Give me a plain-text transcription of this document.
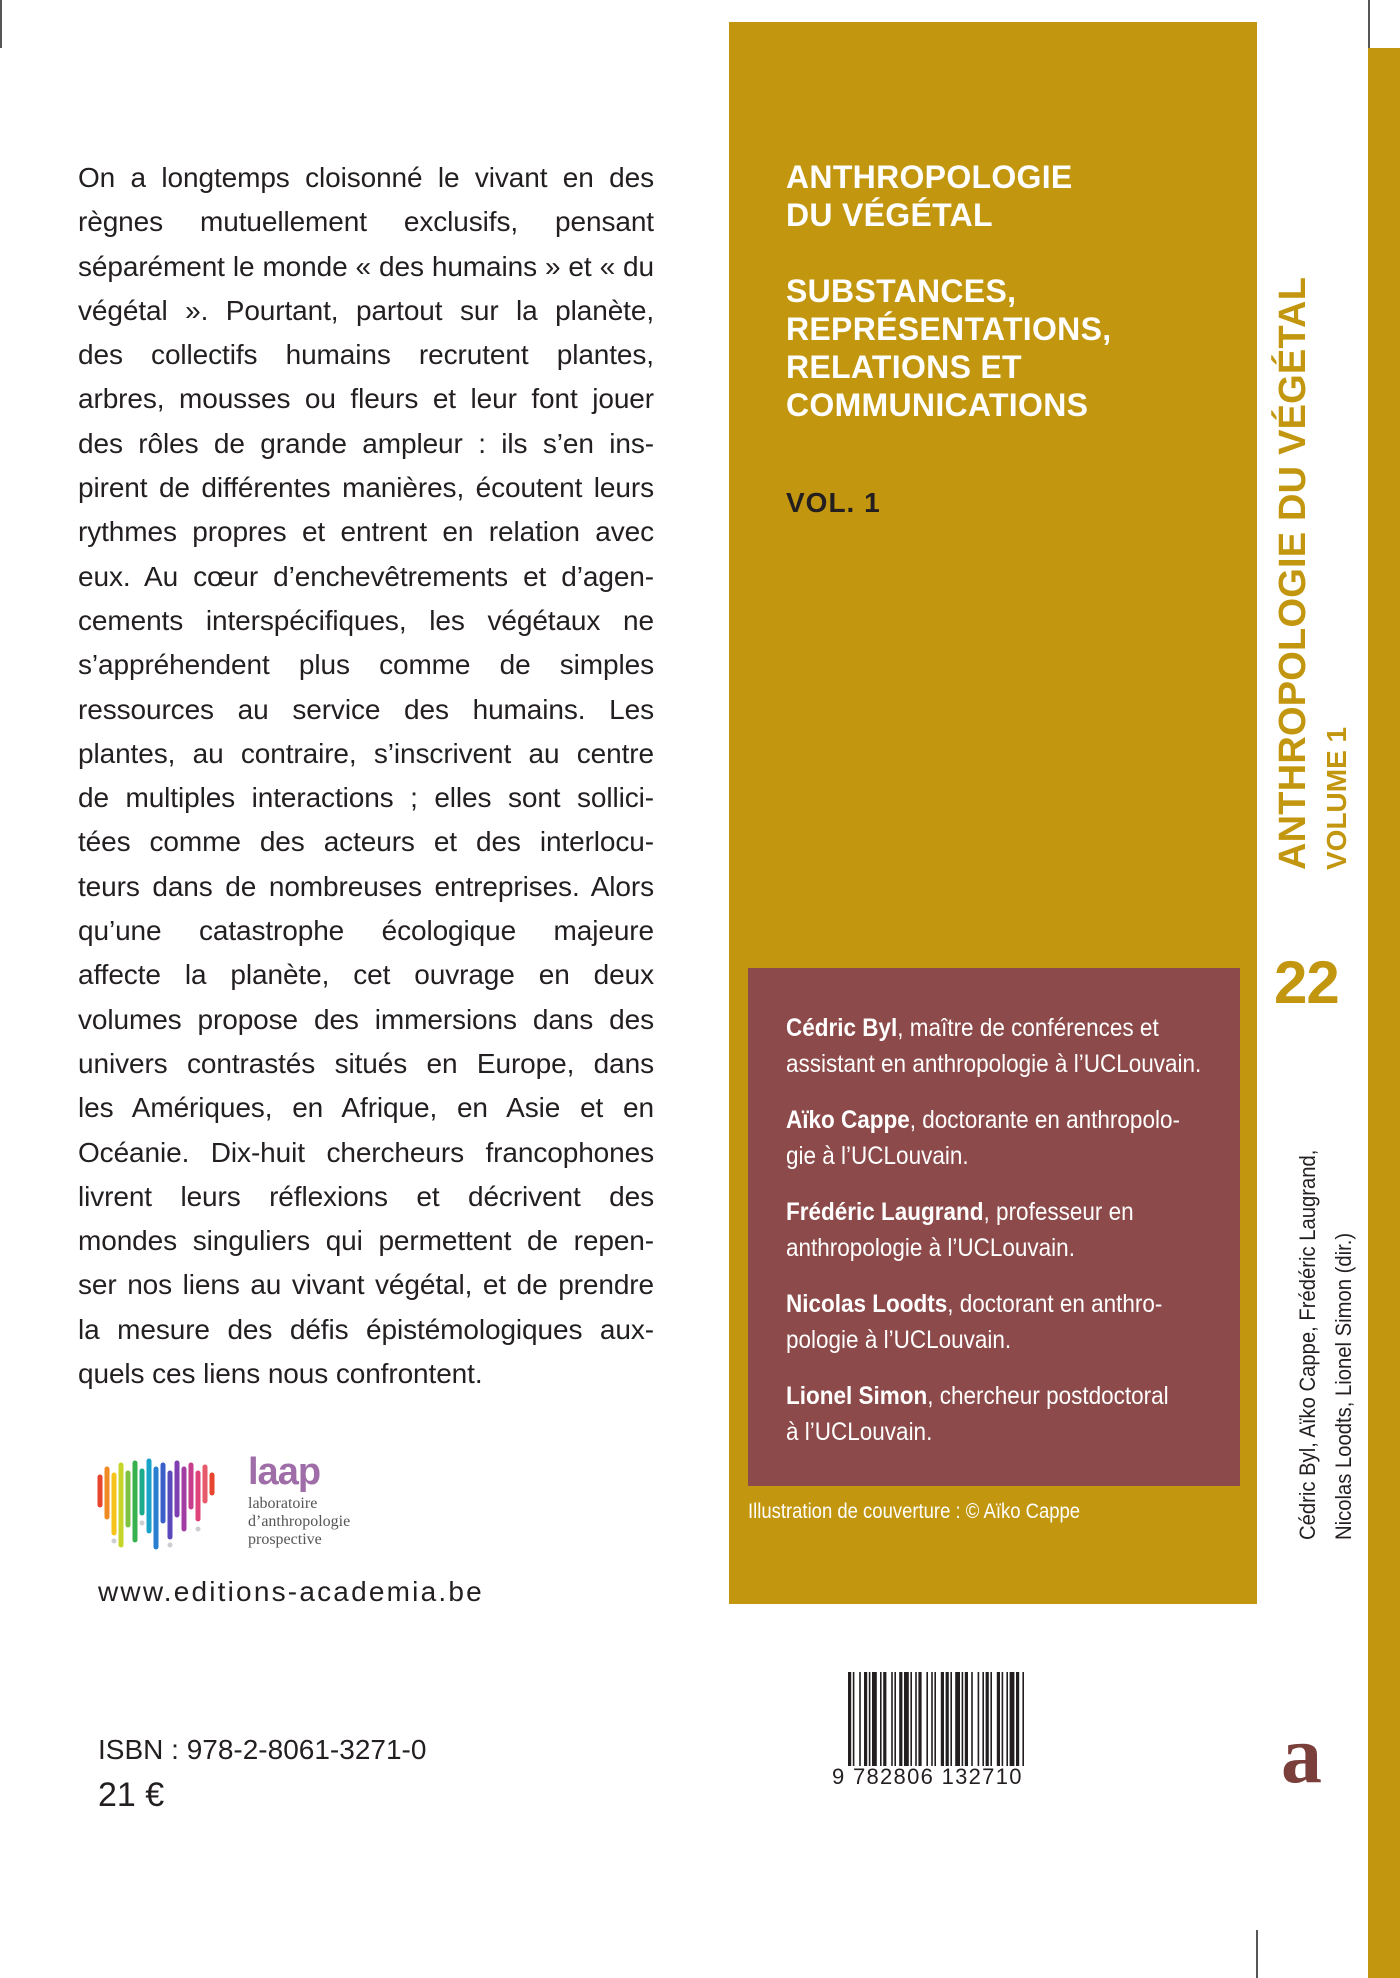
On a longtemps cloisonné le vivant en des
règnes mutuellement exclusifs, pensant
séparément le monde « des humains » et « du
végétal ». Pourtant, partout sur la planète,
des collectifs humains recrutent plantes,
arbres, mousses ou fleurs et leur font jouer
des rôles de grande ampleur : ils s’en ins-
pirent de différentes manières, écoutent leurs
rythmes propres et entrent en relation avec
eux. Au cœur d’enchevêtrements et d’agen-
cements interspécifiques, les végétaux ne
s’appréhendent plus comme de simples
ressources au service des humains. Les
plantes, au contraire, s’inscrivent au centre
de multiples interactions ; elles sont sollici-
tées comme des acteurs et des interlocu-
teurs dans de nombreuses entreprises. Alors
qu’une catastrophe écologique majeure
affecte la planète, cet ouvrage en deux
volumes propose des immersions dans des
univers contrastés situés en Europe, dans
les Amériques, en Afrique, en Asie et en
Océanie. Dix-huit chercheurs francophones
livrent leurs réflexions et décrivent des
mondes singuliers qui permettent de repen-
ser nos liens au vivant végétal, et de prendre
la mesure des défis épistémologiques aux-
quels ces liens nous confrontent.
laap
laboratoire
d’anthropologie
prospective
www.editions-academia.be
ISBN : 978-2-8061-3271-0
21 €
ANTHROPOLOGIE
DU VÉGÉTAL
SUBSTANCES,
REPRÉSENTATIONS,
RELATIONS ET
COMMUNICATIONS
VOL. 1
Cédric Byl, maître de conférences et
assistant en anthropologie à l’UCLouvain.
Aïko Cappe, doctorante en anthropolo-
gie à l’UCLouvain.
Frédéric Laugrand, professeur en
anthropologie à l’UCLouvain.
Nicolas Loodts, doctorant en anthro-
pologie à l’UCLouvain.
Lionel Simon, chercheur postdoctoral
à l’UCLouvain.
Illustration de couverture : © Aïko Cappe
ANTHROPOLOGIE DU VÉGÉTAL VOLUME 1
22
Cédric Byl, Aïko Cappe, Frédéric Laugrand, Nicolas Loodts, Lionel Simon (dir.)
a
9 782806 132710
